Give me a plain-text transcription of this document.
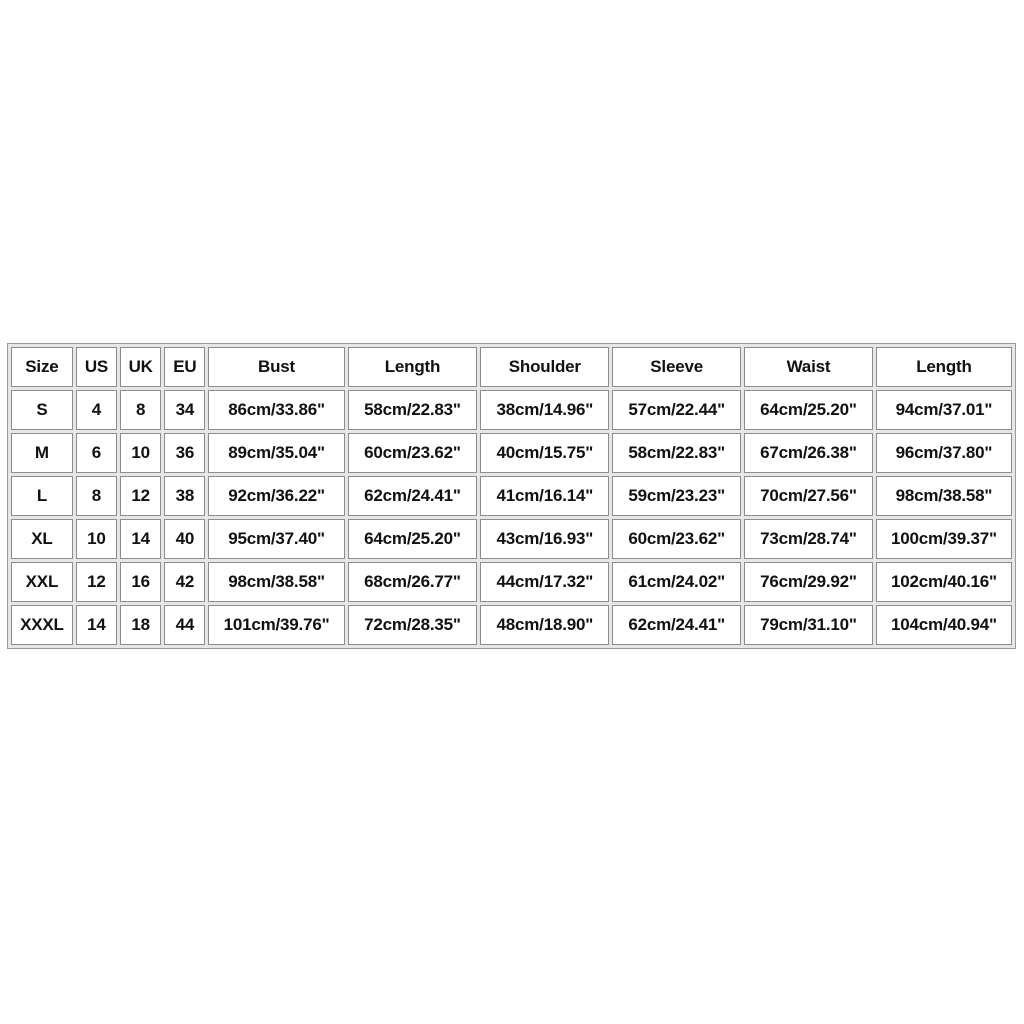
Size	US	UK	EU	Bust	Length	Shoulder	Sleeve	Waist	Length
S	4	8	34	86cm/33.86"	58cm/22.83"	38cm/14.96"	57cm/22.44"	64cm/25.20"	94cm/37.01"
M	6	10	36	89cm/35.04"	60cm/23.62"	40cm/15.75"	58cm/22.83"	67cm/26.38"	96cm/37.80"
L	8	12	38	92cm/36.22"	62cm/24.41"	41cm/16.14"	59cm/23.23"	70cm/27.56"	98cm/38.58"
XL	10	14	40	95cm/37.40"	64cm/25.20"	43cm/16.93"	60cm/23.62"	73cm/28.74"	100cm/39.37"
XXL	12	16	42	98cm/38.58"	68cm/26.77"	44cm/17.32"	61cm/24.02"	76cm/29.92"	102cm/40.16"
XXXL	14	18	44	101cm/39.76"	72cm/28.35"	48cm/18.90"	62cm/24.41"	79cm/31.10"	104cm/40.94"
